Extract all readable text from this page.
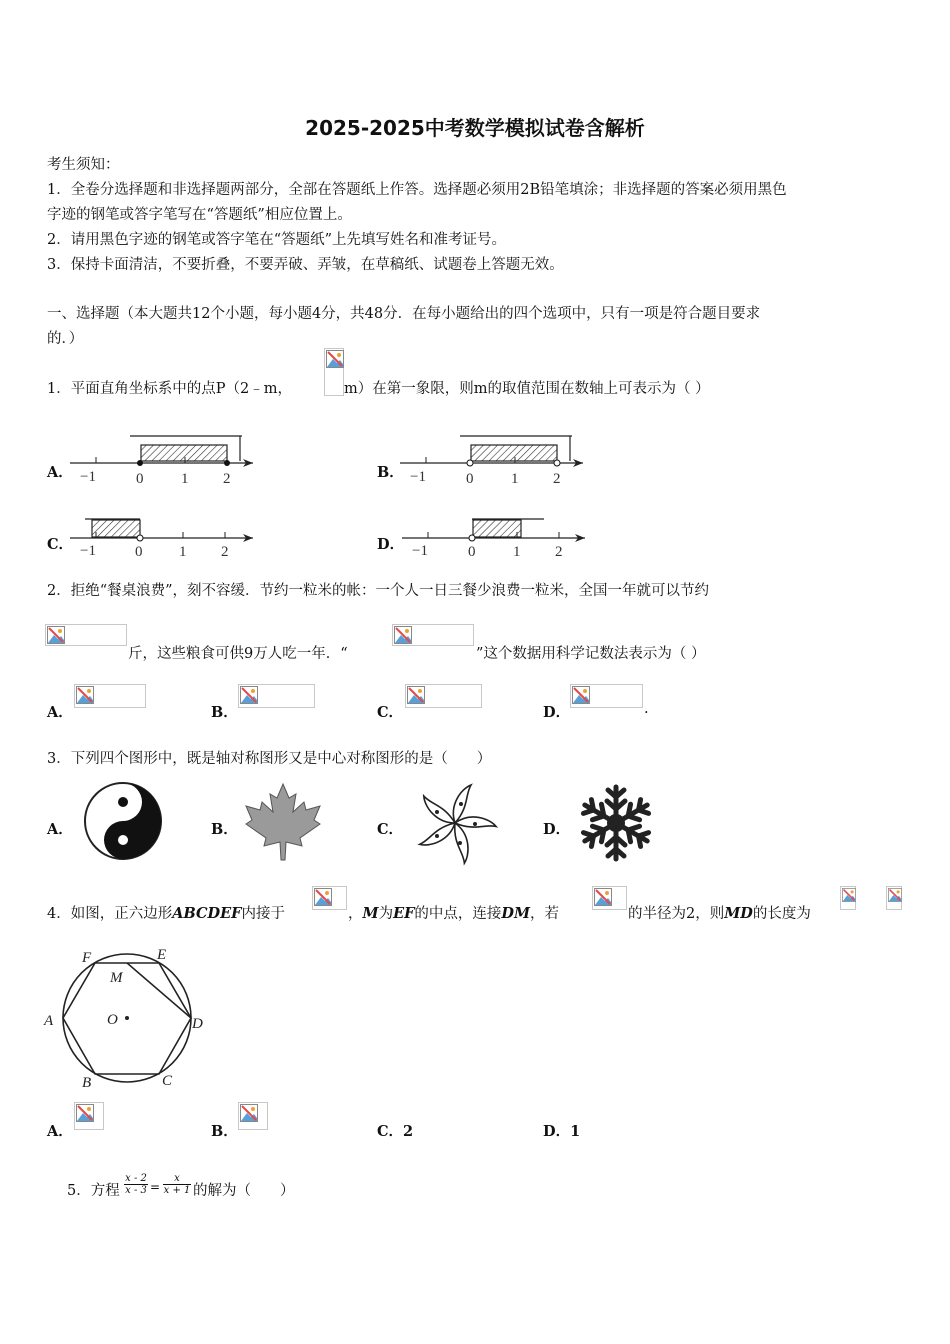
2025-2025中考数学模拟试卷含解析
考生须知：
1．全卷分选择题和非选择题两部分，全部在答题纸上作答。选择题必须用2B铅笔填涂；非选择题的答案必须用黑色
字迹的钢笔或答字笔写在“答题纸”相应位置上。
2．请用黑色字迹的钢笔或答字笔在“答题纸”上先填写姓名和准考证号。
3．保持卡面清洁，不要折叠，不要弄破、弄皱，在草稿纸、试题卷上答题无效。
一、选择题（本大题共12个小题，每小题4分，共48分．在每小题给出的四个选项中，只有一项是符合题目要求
的．）
1．平面直角坐标系中的点P（2﹣m，	m）在第一象限，则m的取值范围在数轴上可表示为（ ）
A．	B．
C．	D．
−1	0	1 2	−1	0	1 2
−1	0 1 2	−1	0	1 2
2．拒绝“餐桌浪费”，刻不容缓．节约一粒米的帐：一个人一日三餐少浪费一粒米，全国一年就可以节约
斤，这些粮食可供9万人吃一年．“	”这个数据用科学记数法表示为（ ）
A．	B．	C．	D．	.
3．下列四个图形中，既是轴对称图形又是中心对称图形的是（　　）
A．	B．	C．	D．
4．如图，正六边形ABCDEF内接于	，M为EF的中点，连接DM，若	的半径为2，则MD的长度为
F	E
M
A	O	D
B	C
A．	B．	C．2	D．1
5．方程 $\frac{x - 2}{x - 3} = \frac{x}{x + 1}$ 的解为（　　）
